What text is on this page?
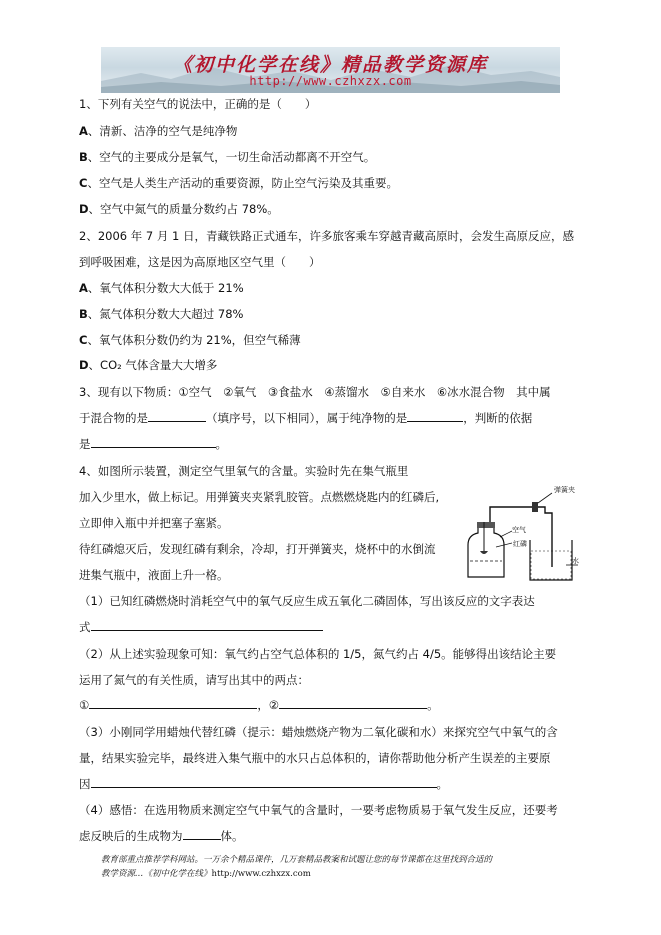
《初中化学在线》精品教学资源库
http://www.czhxzx.com
1、下列有关空气的说法中，正确的是（　　）
A、清新、洁净的空气是纯净物
B、空气的主要成分是氧气，一切生命活动都离不开空气。
C、空气是人类生产活动的重要资源，防止空气污染及其重要。
D、空气中氮气的质量分数约占 78%。
2、2006 年 7 月 1 日，青藏铁路正式通车，许多旅客乘车穿越青藏高原时，会发生高原反应，感
到呼吸困难，这是因为高原地区空气里（　　）
A、氧气体积分数大大低于 21%
B、氮气体积分数大大超过 78%
C、氧气体积分数仍约为 21%，但空气稀薄
D、CO₂ 气体含量大大增多
3、现有以下物质：①空气　②氧气　③食盐水　④蒸馏水　⑤自来水　⑥冰水混合物　其中属
于混合物的是	（填序号，以下相同），属于纯净物的是	，判断的依据
是	。
4、如图所示装置，测定空气里氧气的含量。实验时先在集气瓶里
加入少里水，做上标记。用弹簧夹夹紧乳胶管。点燃燃烧匙内的红磷后,
立即伸入瓶中并把塞子塞紧。
待红磷熄灭后，发现红磷有剩余，冷却，打开弹簧夹，烧杯中的水倒流
进集气瓶中，液面上升一格。
弹簧夹
空气
红磷
水
（1）已知红磷燃烧时消耗空气中的氧气反应生成五氧化二磷固体，写出该反应的文字表达
式
（2）从上述实验现象可知：氧气约占空气总体积的 1/5，氮气约占 4/5。能够得出该结论主要
运用了氮气的有关性质，请写出其中的两点：
①	，②	。
（3）小刚同学用蜡烛代替红磷（提示：蜡烛燃烧产物为二氧化碳和水）来探究空气中氧气的含
量，结果实验完毕，最终进入集气瓶中的水只占总体积的，请你帮助他分析产生误差的主要原
因	。
（4）感悟：在选用物质来测定空气中氧气的含量时，一要考虑物质易于氧气发生反应，还要考
虑反映后的生成物为	体。
教育部重点推荐学科网站。一万余个精品课件，几万套精品教案和试题让您的每节课都在这里找到合适的
教学资源…《初中化学在线》http://www.czhxzx.com
